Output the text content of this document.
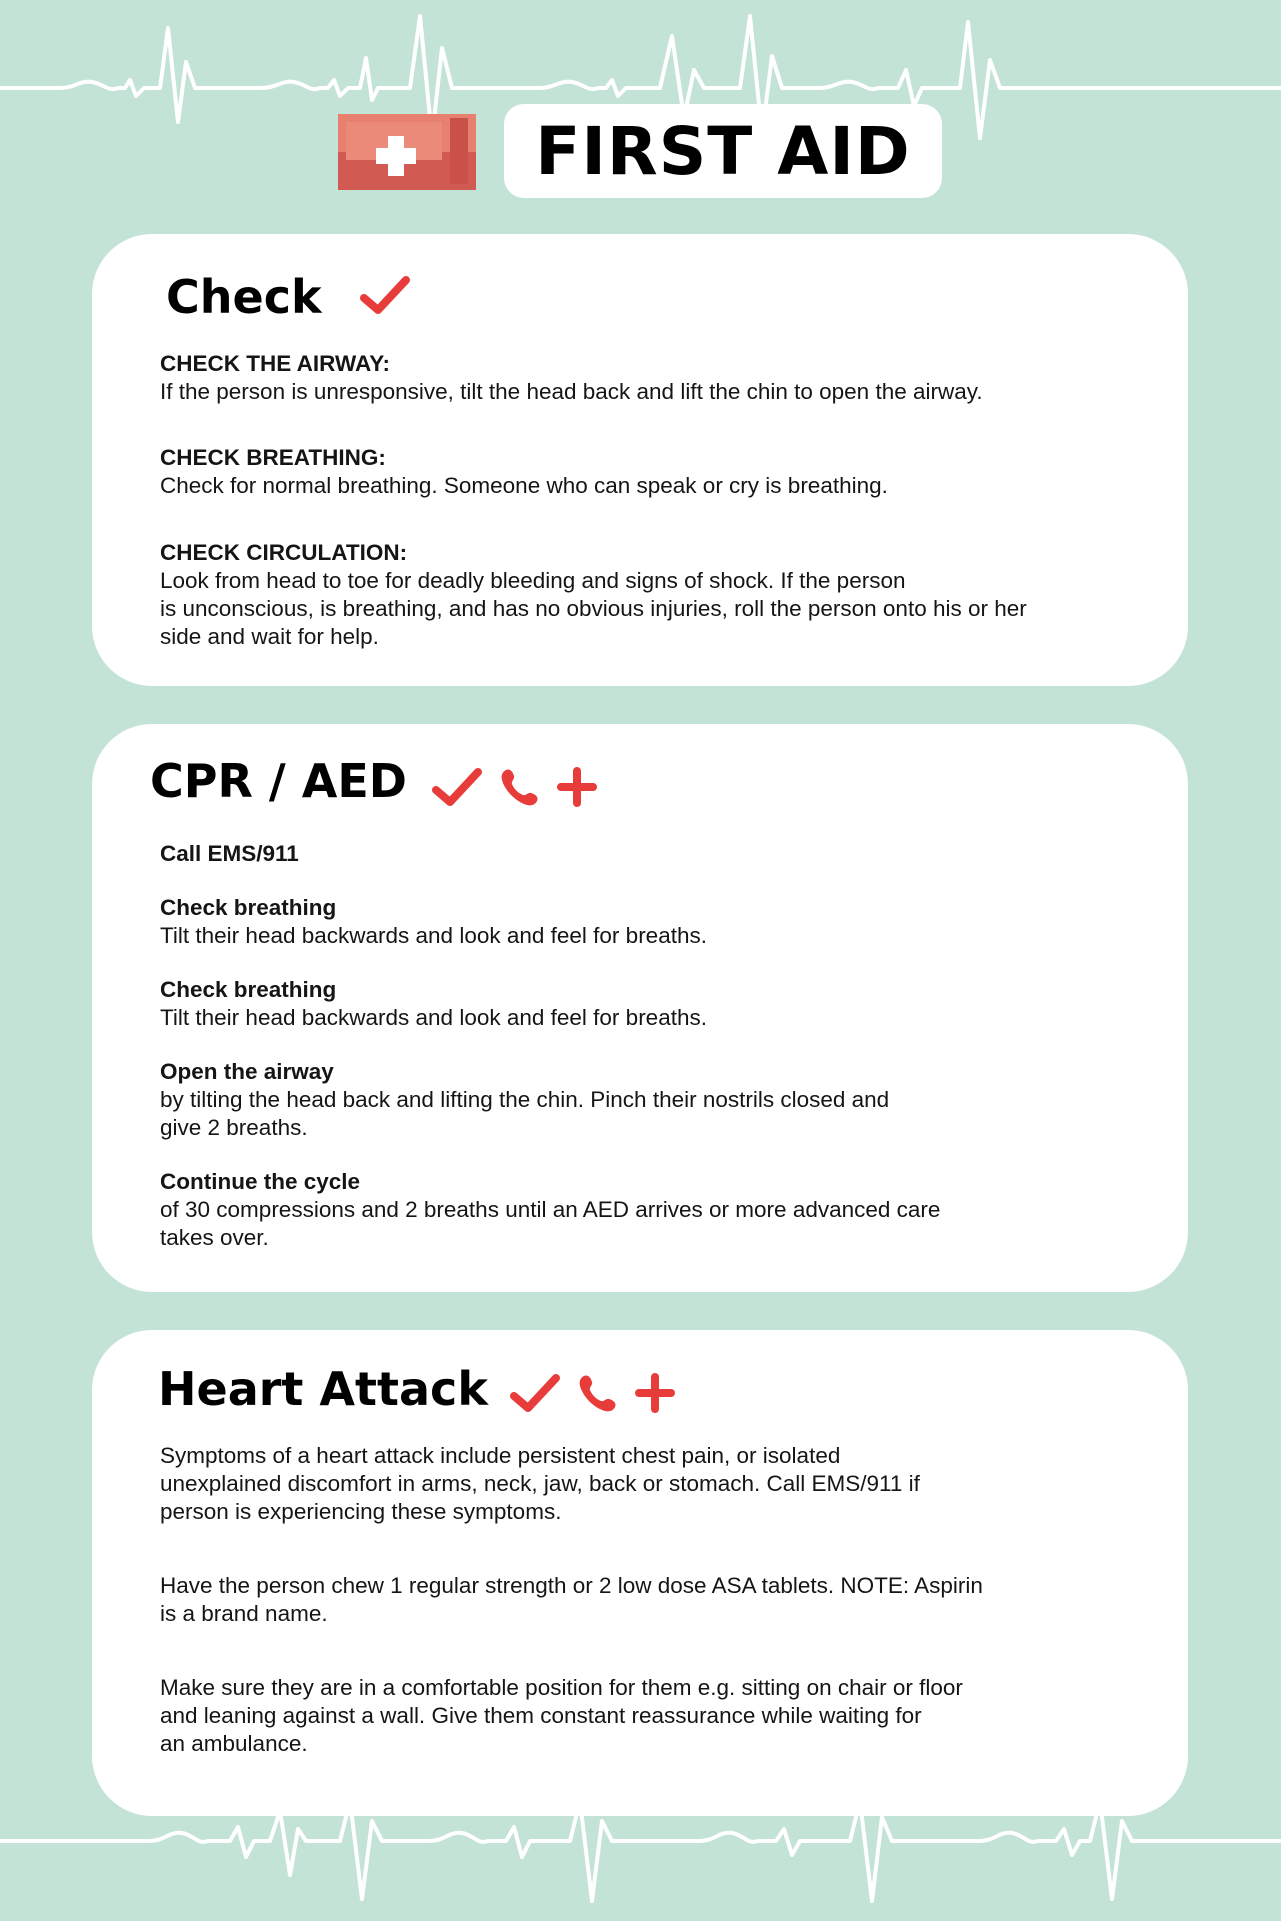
FIRST AID
Check

CHECK THE AIRWAY:

If the person is unresponsive, tilt the head back and lift the chin to open the airway.

CHECK BREATHING:

Check for normal breathing. Someone who can speak or cry is breathing.

CHECK CIRCULATION:

Look from head to toe for deadly bleeding and signs of shock. If the person

is unconscious, is breathing, and has no obvious injuries, roll the person onto his or her

side and wait for help.

CPR / AED

Call EMS/911

Check breathing

Tilt their head backwards and look and feel for breaths.

Check breathing

Tilt their head backwards and look and feel for breaths.

Open the airway

by tilting the head back and lifting the chin. Pinch their nostrils closed and

give 2 breaths.

Continue the cycle

of 30 compressions and 2 breaths until an AED arrives or more advanced care

takes over.

Heart Attack

Symptoms of a heart attack include persistent chest pain, or isolated

unexplained discomfort in arms, neck, jaw, back or stomach. Call EMS/911 if

person is experiencing these symptoms.

Have the person chew 1 regular strength or 2 low dose ASA tablets. NOTE: Aspirin

is a brand name.

Make sure they are in a comfortable position for them e.g. sitting on chair or floor

and leaning against a wall. Give them constant reassurance while waiting for

an ambulance.
